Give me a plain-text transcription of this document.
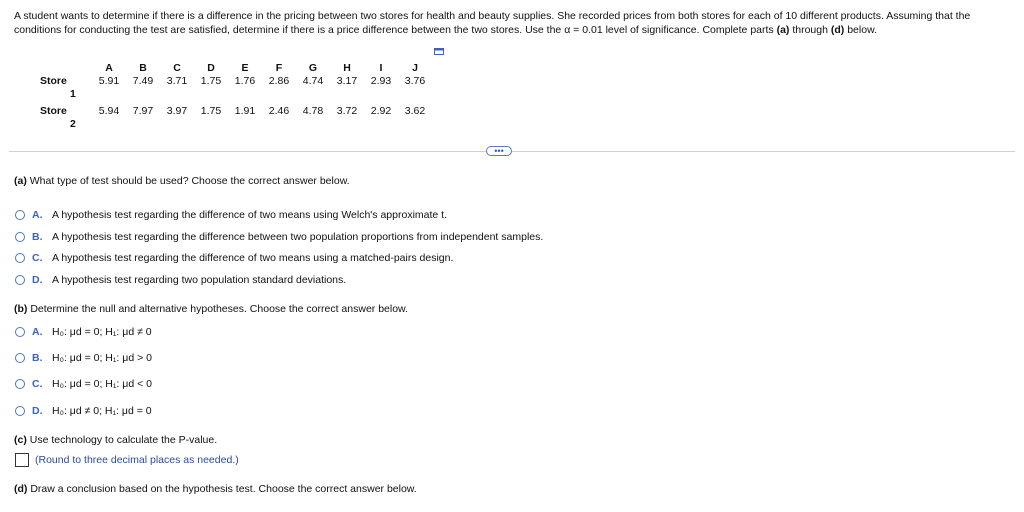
A student wants to determine if there is a difference in the pricing between two stores for health and beauty supplies. She recorded prices from both stores for each of 10 different products. Assuming that the conditions for conducting the test are satisfied, determine if there is a price difference between the two stores. Use the α = 0.01 level of significance. Complete parts (a) through (d) below.
	A	B	C	D	E	F	G	H	I	J
Store
1	5.91	7.49	3.71	1.75	1.76	2.86	4.74	3.17	2.93	3.76

Store
2	5.94	7.97	3.97	1.75	1.91	2.46	4.78	3.72	2.92	3.62
•••
(a) What type of test should be used? Choose the correct answer below.
A. A hypothesis test regarding the difference of two means using Welch's approximate t.
B. A hypothesis test regarding the difference between two population proportions from independent samples.
C. A hypothesis test regarding the difference of two means using a matched-pairs design.
D. A hypothesis test regarding two population standard deviations.
(b) Determine the null and alternative hypotheses. Choose the correct answer below.
A. H₀: μd = 0; H₁: μd ≠ 0
B. H₀: μd = 0; H₁: μd > 0
C. H₀: μd = 0; H₁: μd < 0
D. H₀: μd ≠ 0; H₁: μd = 0
(c) Use technology to calculate the P-value.
(Round to three decimal places as needed.)
(d) Draw a conclusion based on the hypothesis test. Choose the correct answer below.
